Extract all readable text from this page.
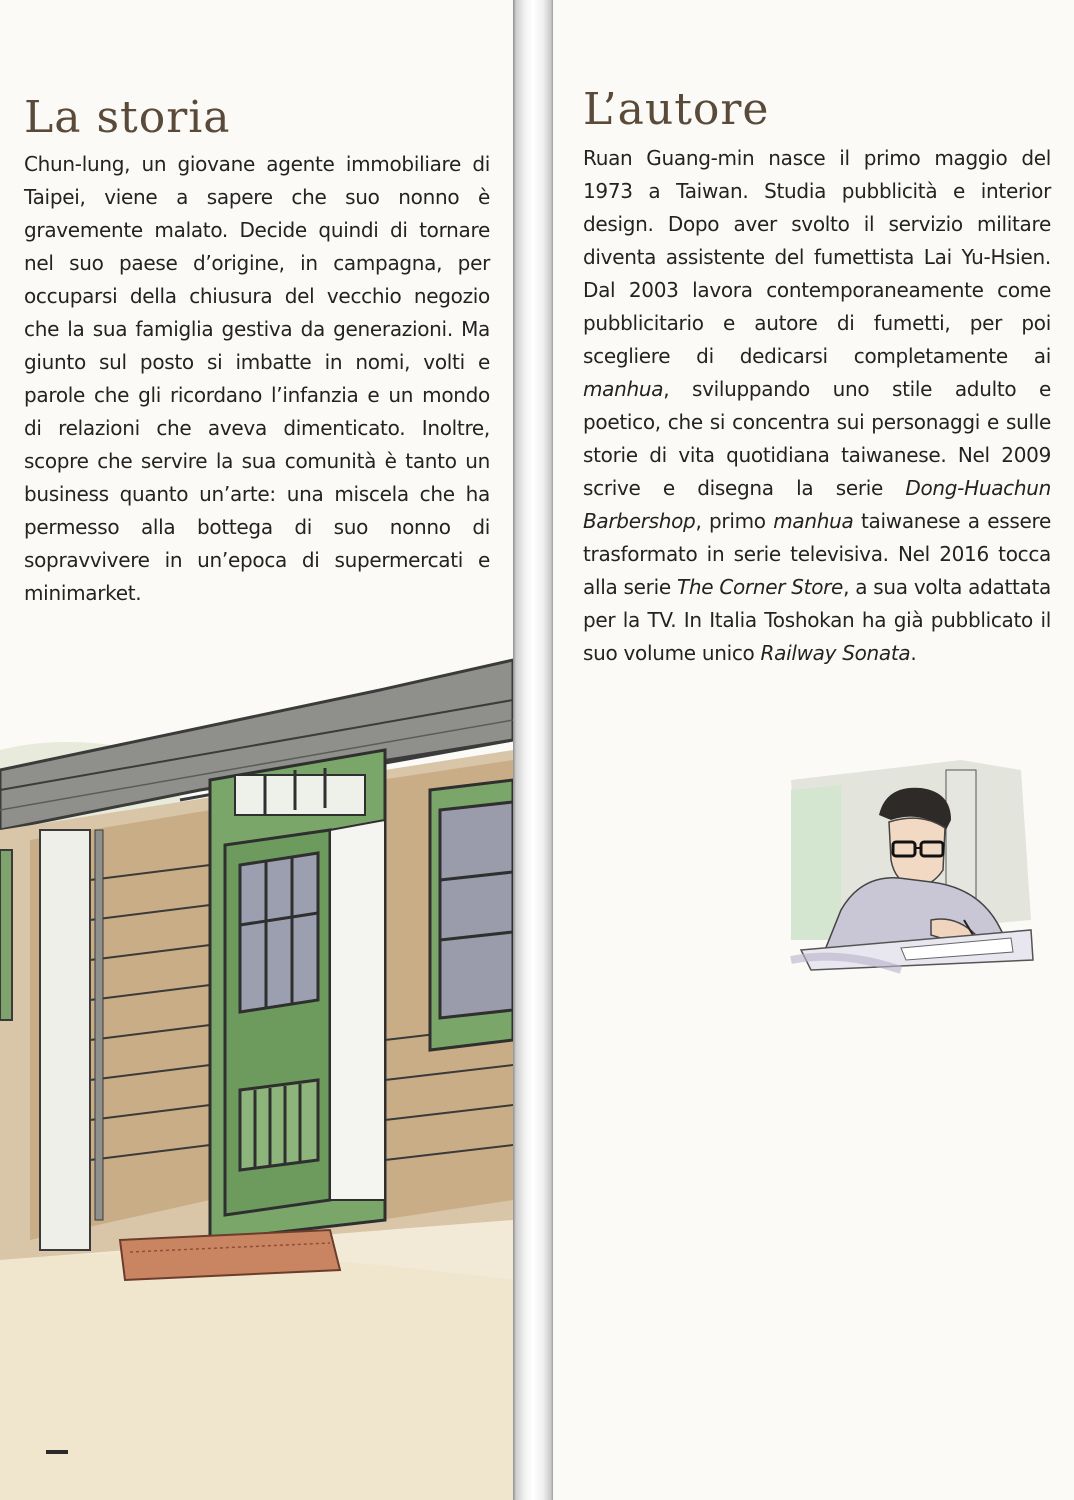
La storia

Chun-lung, un giovane agente immobiliare di Taipei, viene a sapere che suo nonno è gravemente malato. Decide quindi di tornare nel suo paese d’origine, in campagna, per occuparsi della chiusura del vecchio negozio che la sua famiglia gestiva da generazioni. Ma giunto sul posto si imbatte in nomi, volti e parole che gli ricordano l’infanzia e un mondo di relazioni che aveva dimenticato. Inoltre, scopre che servire la sua comunità è tanto un business quanto un’arte: una miscela che ha permesso alla bottega di suo nonno di sopravvivere in un’epoca di supermercati e minimarket.

L’autore

Ruan Guang-min nasce il primo maggio del 1973 a Taiwan. Studia pubblicità e interior design. Dopo aver svolto il servizio militare diventa assistente del fumettista Lai Yu-Hsien. Dal 2003 lavora contemporaneamente come pubblicitario e autore di fumetti, per poi scegliere di dedicarsi completamente ai manhua, sviluppando uno stile adulto e poetico, che si concentra sui personaggi e sulle storie di vita quotidiana taiwanese. Nel 2009 scrive e disegna la serie Dong-Huachun Barbershop, primo manhua taiwanese a essere trasformato in serie televisiva. Nel 2016 tocca alla serie The Corner Store, a sua volta adattata per la TV. In Italia Toshokan ha già pubblicato il suo volume unico Railway Sonata.
